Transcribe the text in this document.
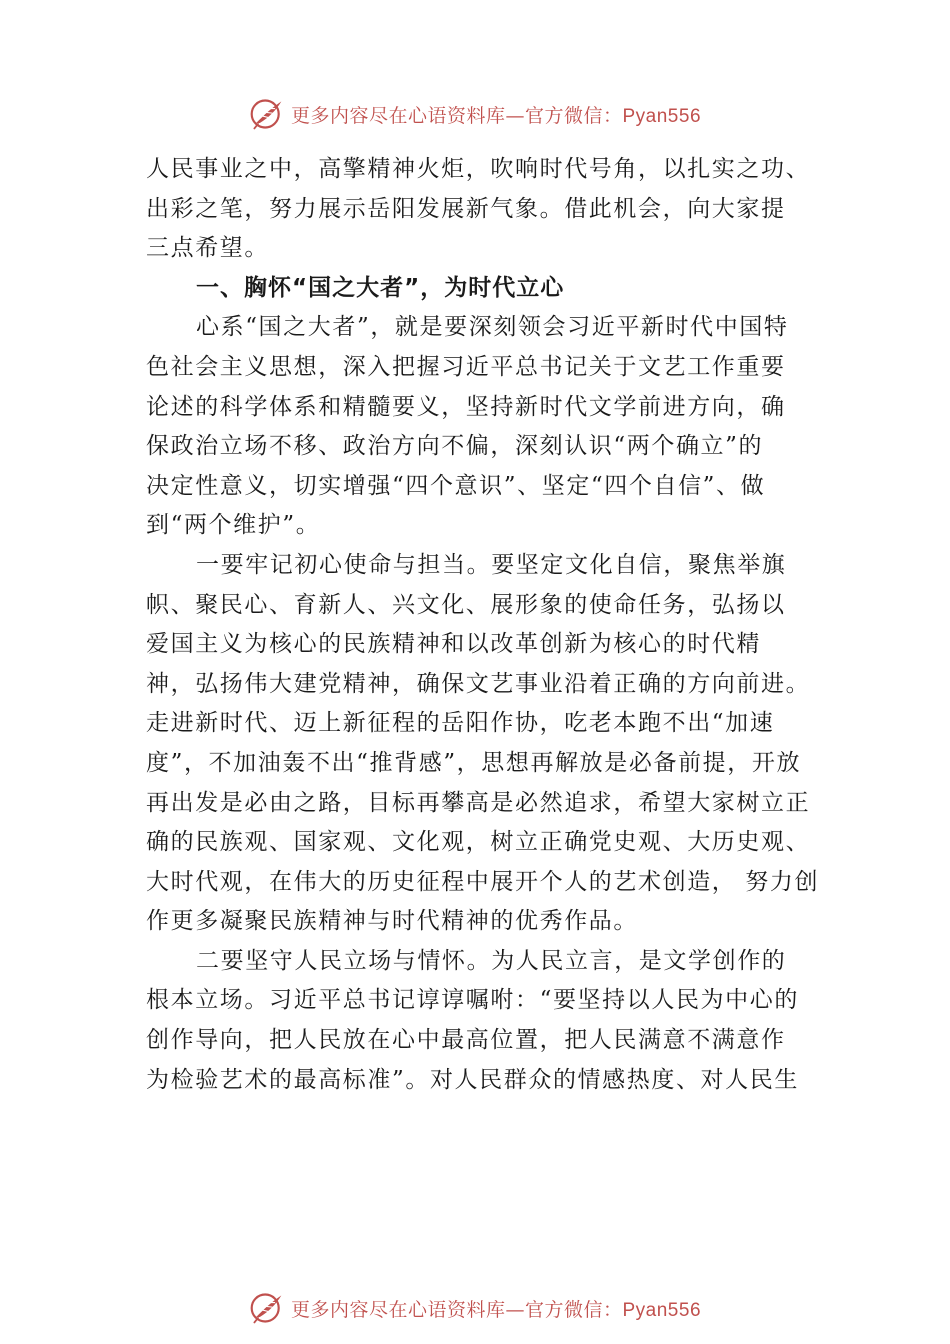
更多内容尽在心语资料库—官方微信：Pyan556
人民事业之中，高擎精神火炬，吹响时代号角，以扎实之功、
出彩之笔，努力展示岳阳发展新气象。借此机会，向大家提
三点希望。
一、胸怀“国之大者”，为时代立心
心系“国之大者”，就是要深刻领会习近平新时代中国特
色社会主义思想，深入把握习近平总书记关于文艺工作重要
论述的科学体系和精髓要义，坚持新时代文学前进方向，确
保政治立场不移、政治方向不偏，深刻认识“两个确立”的
决定性意义，切实增强“四个意识”、坚定“四个自信”、做
到“两个维护”。
一要牢记初心使命与担当。要坚定文化自信，聚焦举旗
帜、聚民心、育新人、兴文化、展形象的使命任务，弘扬以
爱国主义为核心的民族精神和以改革创新为核心的时代精
神，弘扬伟大建党精神，确保文艺事业沿着正确的方向前进。
走进新时代、迈上新征程的岳阳作协，吃老本跑不出“加速
度”，不加油轰不出“推背感”，思想再解放是必备前提，开放
再出发是必由之路，目标再攀高是必然追求，希望大家树立正
确的民族观、国家观、文化观，树立正确党史观、大历史观、
大时代观，在伟大的历史征程中展开个人的艺术创造， 努力创
作更多凝聚民族精神与时代精神的优秀作品。
二要坚守人民立场与情怀。为人民立言，是文学创作的
根本立场。习近平总书记谆谆嘱咐：“要坚持以人民为中心的
创作导向，把人民放在心中最高位置，把人民满意不满意作
为检验艺术的最高标准”。对人民群众的情感热度、对人民生
更多内容尽在心语资料库—官方微信：Pyan556
